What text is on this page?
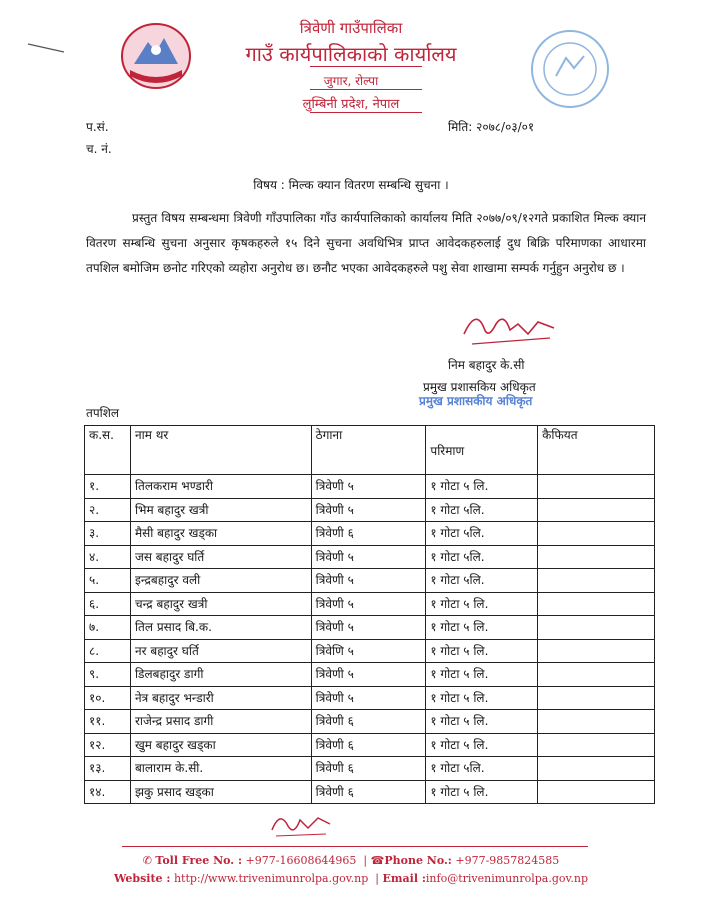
त्रिवेणी गाउँपालिका
गाउँ कार्यपालिकाको कार्यालय
जुगार, रोल्पा
लुम्बिनी प्रदेश, नेपाल
प.सं.
च. नं.
मिति: २०७८/०३/०१
विषय : मिल्क क्यान वितरण सम्बन्धि सुचना ।
प्रस्तुत विषय सम्बन्धमा त्रिवेणी गाँउपालिका गाँउ कार्यपालिकाको कार्यालय मिति २०७७/०९/१२गते प्रकाशित मिल्क क्यान वितरण सम्बन्धि सुचना अनुसार कृषकहरुले १५ दिने सुचना अवधिभित्र प्राप्त आवेदकहरुलाई दुध बिक्रि परिमाणका आधारमा तपशिल बमोजिम छनोट गरिएको व्यहोरा अनुरोध छ। छनौट भएका आवेदकहरुले पशु सेवा शाखामा सम्पर्क गर्नुहुन अनुरोध छ ।
निम बहादुर के.सी
प्रमुख प्रशासकिय अधिकृत
प्रमुख प्रशासकीय अधिकृत
तपशिल
क.स.	नाम थर	ठेगाना	परिमाण	कैफियत
१.	तिलकराम भण्डारी	त्रिवेणी ५	१ गोटा ५ लि.	
२.	भिम बहादुर खत्री	त्रिवेणी ५	१ गोटा ५लि.	
३.	मैसी बहादुर खड्का	त्रिवेणी ६	१ गोटा ५लि.	
४.	जस बहादुर घर्ति	त्रिवेणी ५	१ गोटा ५लि.	
५.	इन्द्रबहादुर वली	त्रिवेणी ५	१ गोटा ५लि.	
६.	चन्द्र बहादुर खत्री	त्रिवेणी ५	१ गोटा ५ लि.	
७.	तिल प्रसाद बि.क.	त्रिवेणी ५	१ गोटा ५ लि.	
८.	नर बहादुर घर्ति	त्रिवेणि ५	१ गोटा ५ लि.	
९.	डिलबहादुर डागी	त्रिवेणी ५	१ गोटा ५ लि.	
१०.	नेत्र बहादुर भन्डारी	त्रिवेणी ५	१ गोटा ५ लि.	
११.	राजेन्द्र प्रसाद डागी	त्रिवेणी ६	१ गोटा ५ लि.	
१२.	खुम बहादुर खड्का	त्रिवेणी ६	१ गोटा ५ लि.	
१३.	बालाराम के.सी.	त्रिवेणी ६	१ गोटा ५लि.	
१४.	झकु प्रसाद खड्का	त्रिवेणी ६	१ गोटा ५ लि.	
✆ Toll Free No. : +977-16608644965  | ☎Phone No.: +977-9857824585
Website : http://www.trivenimunrolpa.gov.np  | Email :info@trivenimunrolpa.gov.np
